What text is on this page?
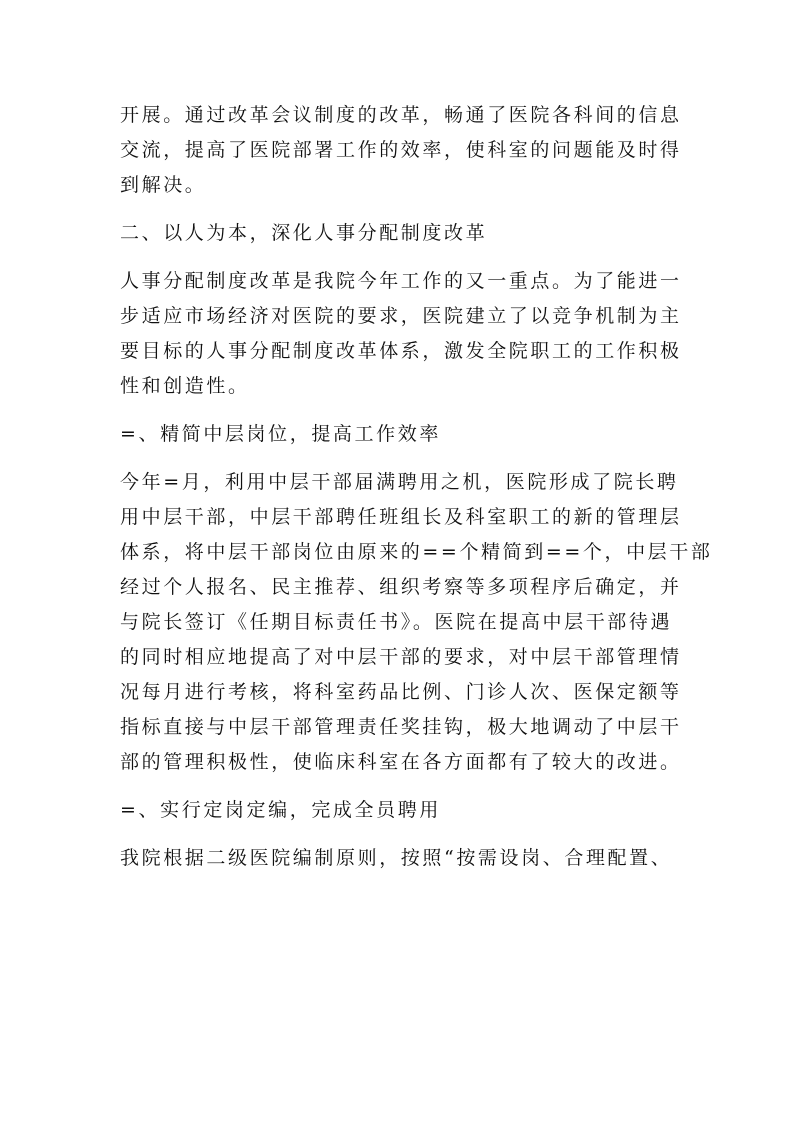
开展。通过改革会议制度的改革，畅通了医院各科间的信息
交流，提高了医院部署工作的效率，使科室的问题能及时得
到解决。
二、以人为本，深化人事分配制度改革
人事分配制度改革是我院今年工作的又一重点。为了能进一
步适应市场经济对医院的要求，医院建立了以竞争机制为主
要目标的人事分配制度改革体系，激发全院职工的工作积极
性和创造性。
=、精简中层岗位，提高工作效率
今年=月，利用中层干部届满聘用之机，医院形成了院长聘
用中层干部，中层干部聘任班组长及科室职工的新的管理层
体系，将中层干部岗位由原来的==个精简到==个，中层干部
经过个人报名、民主推荐、组织考察等多项程序后确定，并
与院长签订《任期目标责任书》。医院在提高中层干部待遇
的同时相应地提高了对中层干部的要求，对中层干部管理情
况每月进行考核，将科室药品比例、门诊人次、医保定额等
指标直接与中层干部管理责任奖挂钩，极大地调动了中层干
部的管理积极性，使临床科室在各方面都有了较大的改进。
=、实行定岗定编，完成全员聘用
我院根据二级医院编制原则，按照“按需设岗、合理配置、
